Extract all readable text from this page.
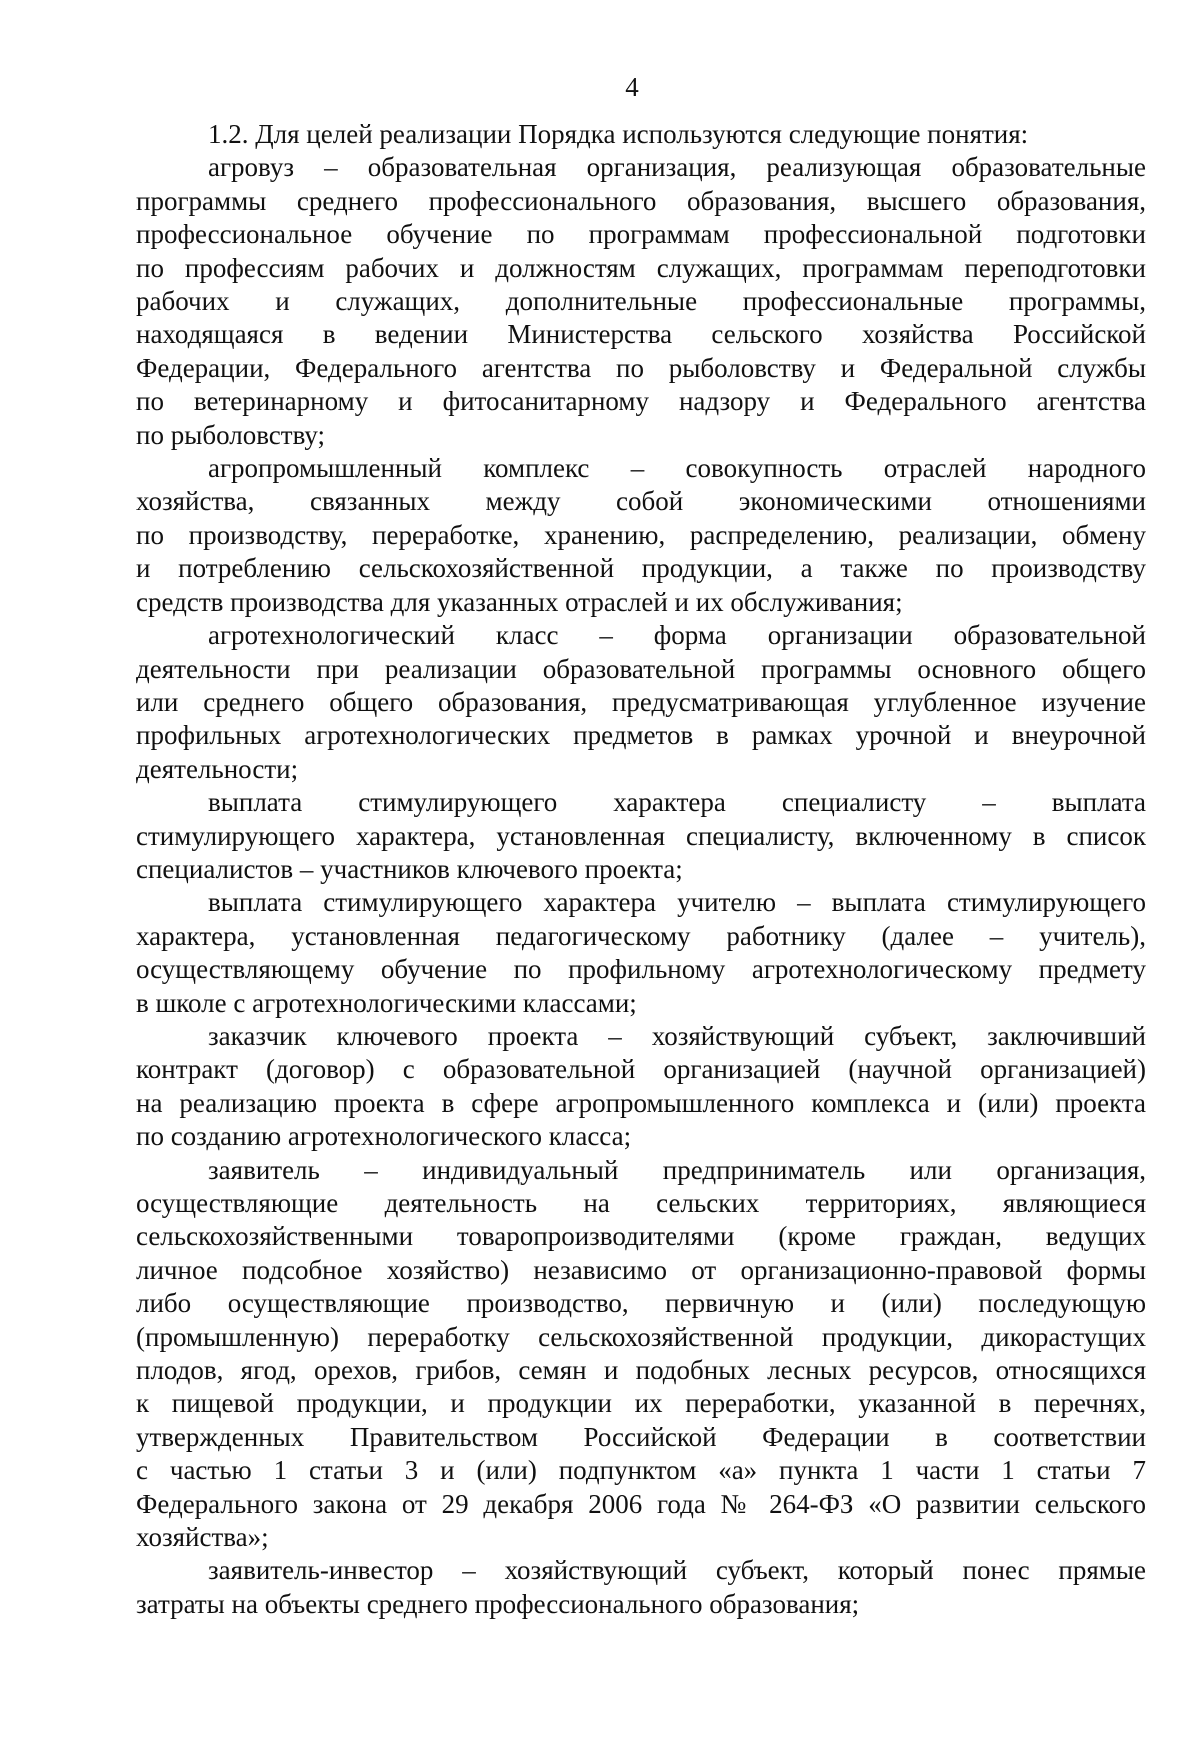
4
1.2. Для целей реализации Порядка используются следующие понятия:
агровуз – образовательная организация, реализующая образовательные
программы среднего профессионального образования, высшего образования,
профессиональное обучение по программам профессиональной подготовки
по профессиям рабочих и должностям служащих, программам переподготовки
рабочих и служащих, дополнительные профессиональные программы,
находящаяся в ведении Министерства сельского хозяйства Российской
Федерации, Федерального агентства по рыболовству и Федеральной службы
по ветеринарному и фитосанитарному надзору и Федерального агентства
по рыболовству;
агропромышленный комплекс – совокупность отраслей народного
хозяйства, связанных между собой экономическими отношениями
по производству, переработке, хранению, распределению, реализации, обмену
и потреблению сельскохозяйственной продукции, а также по производству
средств производства для указанных отраслей и их обслуживания;
агротехнологический класс – форма организации образовательной
деятельности при реализации образовательной программы основного общего
или среднего общего образования, предусматривающая углубленное изучение
профильных агротехнологических предметов в рамках урочной и внеурочной
деятельности;
выплата стимулирующего характера специалисту – выплата
стимулирующего характера, установленная специалисту, включенному в список
специалистов – участников ключевого проекта;
выплата стимулирующего характера учителю – выплата стимулирующего
характера, установленная педагогическому работнику (далее – учитель),
осуществляющему обучение по профильному агротехнологическому предмету
в школе с агротехнологическими классами;
заказчик ключевого проекта – хозяйствующий субъект, заключивший
контракт (договор) с образовательной организацией (научной организацией)
на реализацию проекта в сфере агропромышленного комплекса и (или) проекта
по созданию агротехнологического класса;
заявитель – индивидуальный предприниматель или организация,
осуществляющие деятельность на сельских территориях, являющиеся
сельскохозяйственными товаропроизводителями (кроме граждан, ведущих
личное подсобное хозяйство) независимо от организационно-правовой формы
либо осуществляющие производство, первичную и (или) последующую
(промышленную) переработку сельскохозяйственной продукции, дикорастущих
плодов, ягод, орехов, грибов, семян и подобных лесных ресурсов, относящихся
к пищевой продукции, и продукции их переработки, указанной в перечнях,
утвержденных Правительством Российской Федерации в соответствии
с частью 1 статьи 3 и (или) подпунктом «а» пункта 1 части 1 статьи 7
Федерального закона от 29 декабря 2006 года № 264-ФЗ «О развитии сельского
хозяйства»;
заявитель-инвестор – хозяйствующий субъект, который понес прямые
затраты на объекты среднего профессионального образования;
